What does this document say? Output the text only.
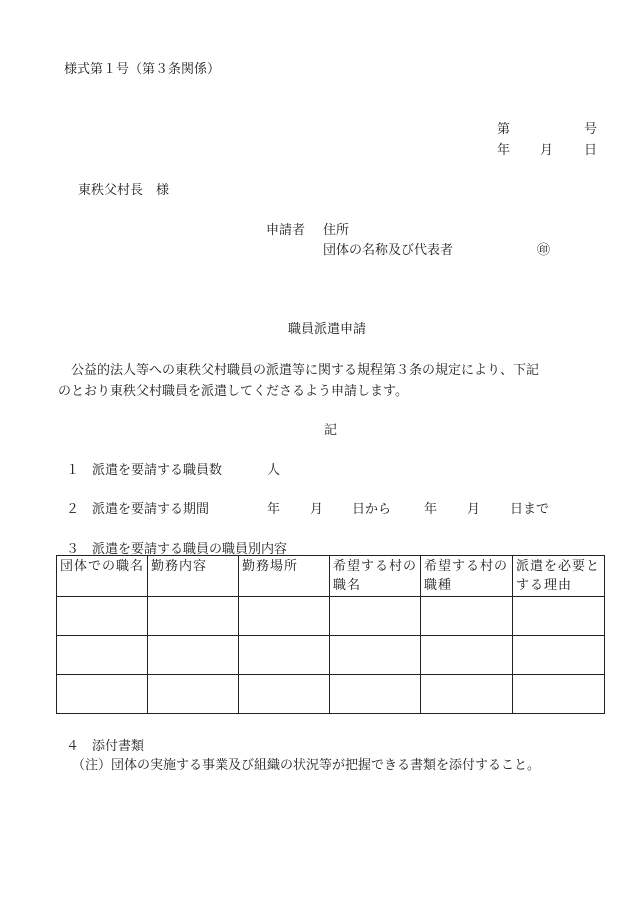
様式第１号（第３条関係）
第	号
年 月 日
東秩父村長　様
申請者 住所
団体の名称及び代表者	㊞
職員派遣申請
　公益的法人等への東秩父村職員の派遣等に関する規程第３条の規定により、下記
のとおり東秩父村職員を派遣してくださるよう申請します。
記
１　派遣を要請する職員数	人
２　派遣を要請する期間	年 月 日から	年 月 日まで
３　派遣を要請する職員の職員別内容
団体での職名	勤務内容	勤務場所	希望する村の職名	希望する村の職種	派遣を必要とする理由

４　添付書類
（注）団体の実施する事業及び組織の状況等が把握できる書類を添付すること。
